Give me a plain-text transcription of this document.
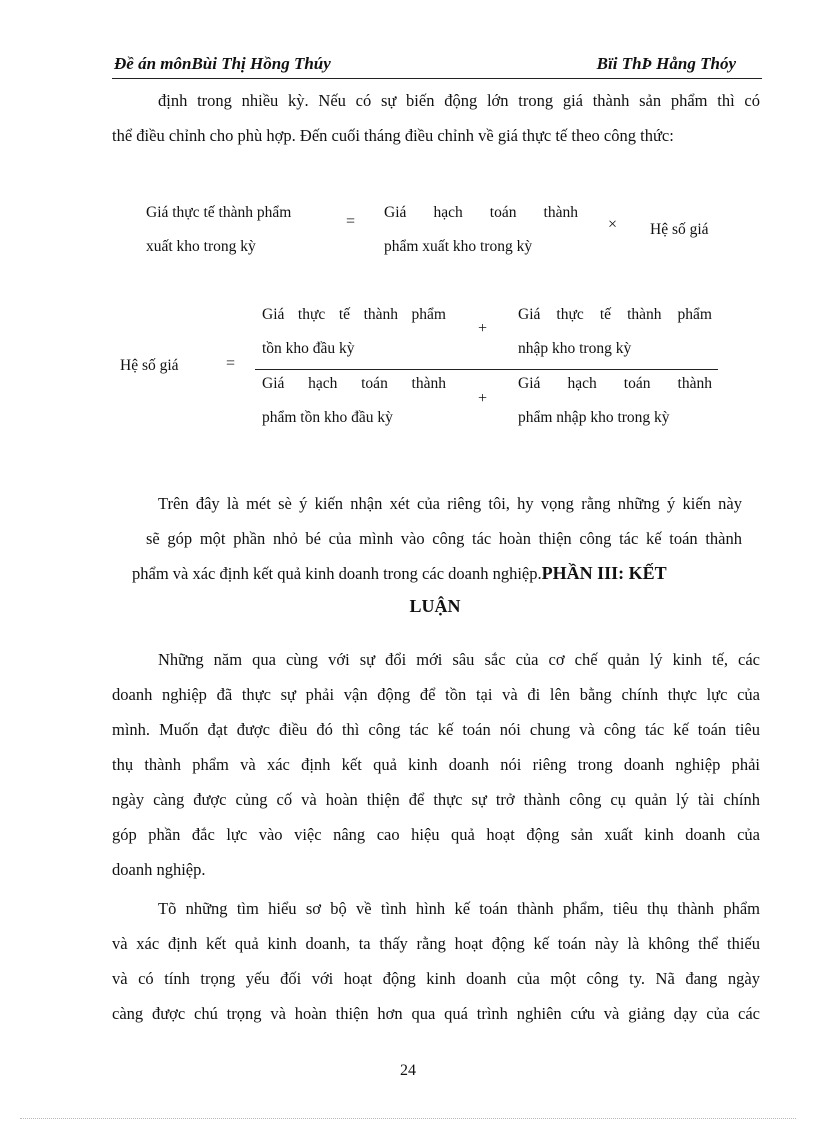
Đề án mônBùi Thị Hồng Thúy	Bïi ThÞ Hång Thóy
định trong nhiều kỳ. Nếu có sự biến động lớn trong giá thành sản phẩm thì có
thể điều chỉnh cho phù hợp. Đến cuối tháng điều chỉnh về giá thực tế theo công thức:
Giá thực tế thành phẩm
xuất kho trong kỳ
=
Giá hạch toán thành
phẩm xuất kho trong kỳ
× Hệ số giá
Hệ số giá	=
Giá thực tế thành phẩm
tồn kho đầu kỳ
+
Giá thực tế thành phẩm
nhập kho trong kỳ
Giá hạch toán thành
phẩm tồn kho đầu kỳ
+
Giá hạch toán thành
phẩm nhập kho trong kỳ
Trên đây là mét sè ý kiến nhận xét của riêng tôi, hy vọng rằng những ý kiến này
sẽ góp một phần nhỏ bé của mình vào công tác hoàn thiện công tác kế toán thành
phẩm và xác định kết quả kinh doanh trong các doanh nghiệp.PHẦN III: KẾT
LUẬN
Những năm qua cùng với sự đổi mới sâu sắc của cơ chế quản lý kinh tế, các
doanh nghiệp đã thực sự phải vận động để tồn tại và đi lên bằng chính thực lực của
mình. Muốn đạt được điều đó thì công tác kế toán nói chung và công tác kế toán tiêu
thụ thành phẩm và xác định kết quả kinh doanh nói riêng trong doanh nghiệp phải
ngày càng được củng cố và hoàn thiện để thực sự trở thành công cụ quản lý tài chính
góp phần đắc lực vào việc nâng cao hiệu quả hoạt động sản xuất kinh doanh của
doanh nghiệp.
Tõ những tìm hiểu sơ bộ về tình hình kế toán thành phẩm, tiêu thụ thành phẩm
và xác định kết quả kinh doanh, ta thấy rằng hoạt động kế toán này là không thể thiếu
và có tính trọng yếu đối với hoạt động kinh doanh của một công ty. Nã đang ngày
càng được chú trọng và hoàn thiện hơn qua quá trình nghiên cứu và giảng dạy của các
24
